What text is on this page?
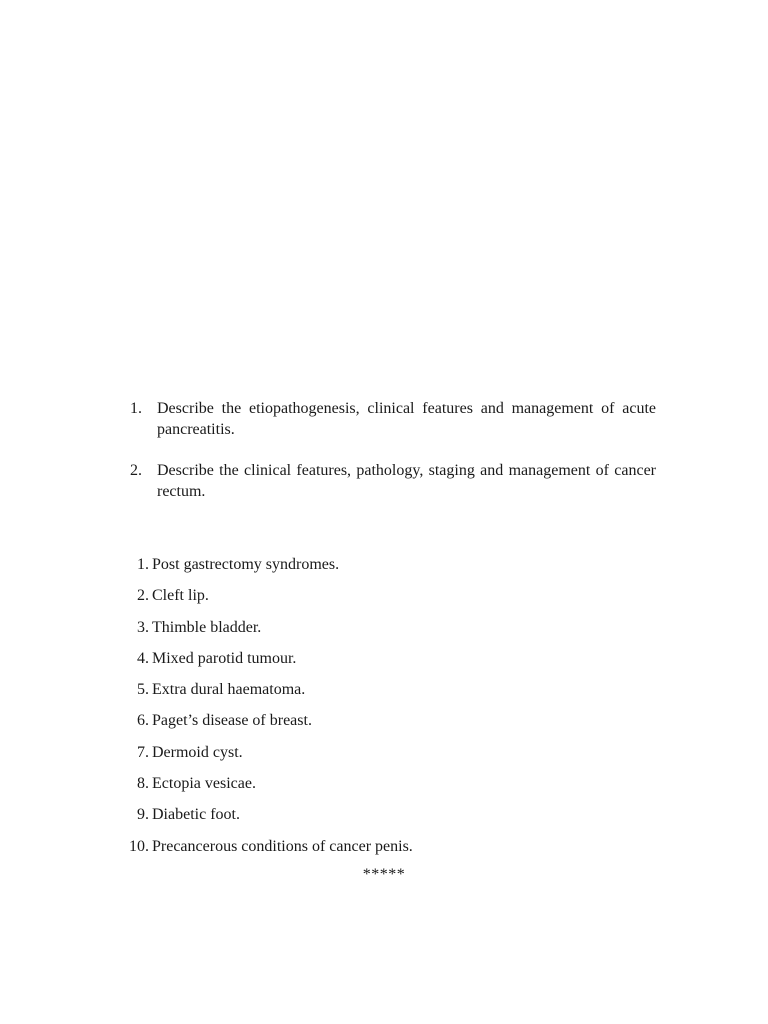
1. Describe the etiopathogenesis, clinical features and management of acute pancreatitis.
2. Describe the clinical features, pathology, staging and management of cancer rectum.
1. Post gastrectomy syndromes.
2. Cleft lip.
3. Thimble bladder.
4. Mixed parotid tumour.
5. Extra dural haematoma.
6. Paget’s disease of breast.
7. Dermoid cyst.
8. Ectopia vesicae.
9. Diabetic foot.
10. Precancerous conditions of cancer penis.
*****
